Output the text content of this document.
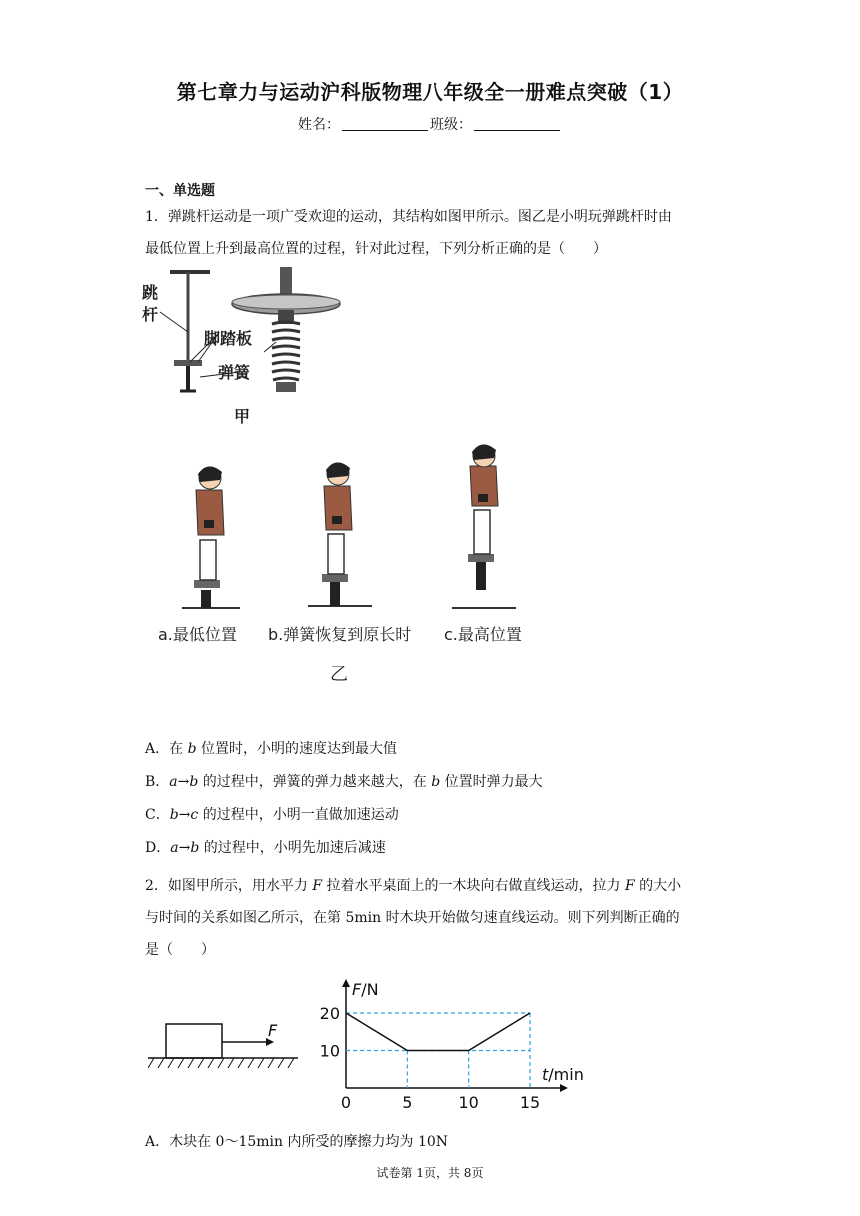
第七章力与运动沪科版物理八年级全一册难点突破（1）
姓名：	班级：
一、单选题
1．弹跳杆运动是一项广受欢迎的运动，其结构如图甲所示。图乙是小明玩弹跳杆时由
最低位置上升到最高位置的过程，针对此过程，下列分析正确的是（　　）
跳
杆
脚踏板
弹簧
甲
a.最低位置 b.弹簧恢复到原长时 c.最高位置
乙
A．在 b 位置时，小明的速度达到最大值
B．a→b 的过程中，弹簧的弹力越来越大，在 b 位置时弹力最大
C．b→c 的过程中，小明一直做加速运动
D．a→b 的过程中，小明先加速后减速
2．如图甲所示，用水平力 F 拉着水平桌面上的一木块向右做直线运动，拉力 F 的大小
与时间的关系如图乙所示，在第 5min 时木块开始做匀速直线运动。则下列判断正确的
是（　　）
F
0	5	10	15
10
20
F/N
t/min
A．木块在 0～15min 内所受的摩擦力均为 10N
试卷第 1页，共 8页
